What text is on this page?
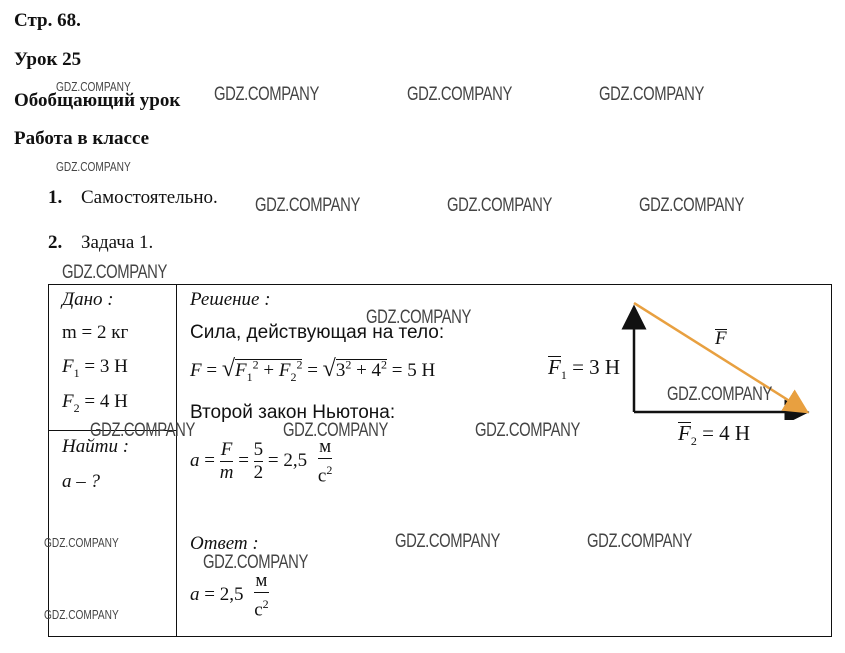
Стр. 68.
Урок 25
Обобщающий урок
Работа в классе
1. Самостоятельно.
2. Задача 1.
Дано :
m = 2 кг
$F_1 = 3$ Н
$F_2 = 4$ Н
Найти :
a – ?
Решение :
Сила, действующая на тело:
$F = √F_1^2 + F_2^2 = √3^2 + 4^2 = 5$ Н
Второй закон Ньютона:
$a = \frac{F}{m} = \frac{5}{2} = 2,5 \frac{м}{с^2}$
Ответ :
$a = 2,5 \frac{м}{с^2}$
F
$F_1 = 3$ Н
$F_2 = 4$ Н
GDZ.COMPANY	GDZ.COMPANY	GDZ.COMPANY	GDZ.COMPANY
GDZ.COMPANY
GDZ.COMPANY	GDZ.COMPANY	GDZ.COMPANY
GDZ.COMPANY
GDZ.COMPANY
GDZ.COMPANY
GDZ.COMPANY	GDZ.COMPANY	GDZ.COMPANY
GDZ.COMPANY	GDZ.COMPANY	GDZ.COMPANY
GDZ.COMPANY
GDZ.COMPANY
